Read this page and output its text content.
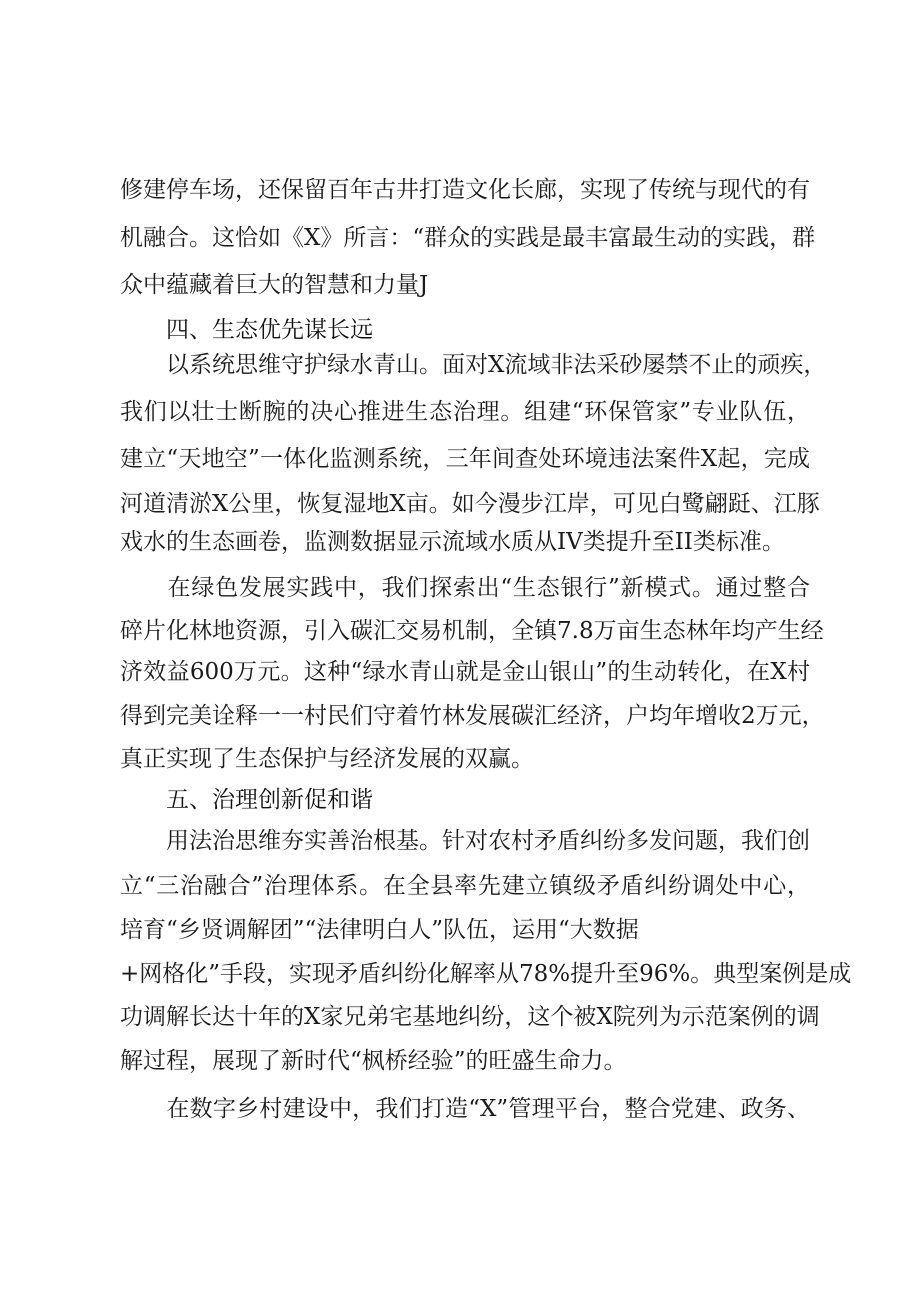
修建停车场，还保留百年古井打造文化长廊，实现了传统与现代的有
机融合。这恰如《X》所言：“群众的实践是最丰富最生动的实践，群
众中蕴藏着巨大的智慧和力量J
四、生态优先谋长远
　　以系统思维守护绿水青山。面对X流域非法采砂屡禁不止的顽疾，
我们以壮士断腕的决心推进生态治理。组建“环保管家”专业队伍，
建立“天地空”一体化监测系统，三年间查处环境违法案件X起，完成
河道清淤X公里，恢复湿地X亩。如今漫步江岸，可见白鹭翩跹、江豚
戏水的生态画卷，监测数据显示流域水质从IV类提升至II类标准。
　　在绿色发展实践中，我们探索出“生态银行”新模式。通过整合
碎片化林地资源，引入碳汇交易机制，全镇7.8万亩生态林年均产生经
济效益600万元。这种“绿水青山就是金山银山”的生动转化，在X村
得到完美诠释一一村民们守着竹林发展碳汇经济，户均年增收2万元，
真正实现了生态保护与经济发展的双赢。
五、治理创新促和谐
　　用法治思维夯实善治根基。针对农村矛盾纠纷多发问题，我们创
立“三治融合”治理体系。在全县率先建立镇级矛盾纠纷调处中心，
培育“乡贤调解团”“法律明白人”队伍，运用“大数据
+网格化”手段，实现矛盾纠纷化解率从78%提升至96%。典型案例是成
功调解长达十年的X家兄弟宅基地纠纷，这个被X院列为示范案例的调
解过程，展现了新时代“枫桥经验”的旺盛生命力。
　　在数字乡村建设中，我们打造“X”管理平台，整合党建、政务、
